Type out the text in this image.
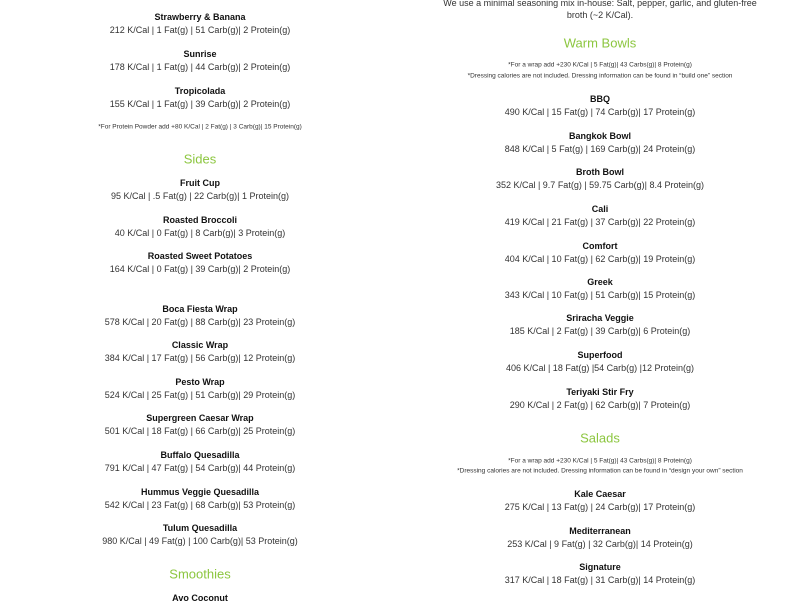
Strawberry & Banana
212 K/Cal | 1 Fat(g) | 51 Carb(g)| 2 Protein(g)
Sunrise
178 K/Cal | 1 Fat(g) | 44 Carb(g)| 2 Protein(g)
Tropicolada
155 K/Cal | 1 Fat(g) | 39 Carb(g)| 2 Protein(g)
*For Protein Powder add +80 K/Cal | 2 Fat(g) | 3 Carb(g)| 15 Protein(g)
Sides
Fruit Cup
95 K/Cal | .5 Fat(g) | 22 Carb(g)| 1 Protein(g)
Roasted Broccoli
40 K/Cal | 0 Fat(g) | 8 Carb(g)| 3 Protein(g)
Roasted Sweet Potatoes
164 K/Cal | 0 Fat(g) | 39 Carb(g)| 2 Protein(g)
Boca Fiesta Wrap
578 K/Cal | 20 Fat(g) | 88 Carb(g)| 23 Protein(g)
Classic Wrap
384 K/Cal | 17 Fat(g) | 56 Carb(g)| 12 Protein(g)
Pesto Wrap
524 K/Cal | 25 Fat(g) | 51 Carb(g)| 29 Protein(g)
Supergreen Caesar Wrap
501 K/Cal | 18 Fat(g) | 66 Carb(g)| 25 Protein(g)
Buffalo Quesadilla
791 K/Cal | 47 Fat(g) | 54 Carb(g)| 44 Protein(g)
Hummus Veggie Quesadilla
542 K/Cal | 23 Fat(g) | 68 Carb(g)| 53 Protein(g)
Tulum Quesadilla
980 K/Cal | 49 Fat(g) | 100 Carb(g)| 53 Protein(g)
Smoothies
Avo Coconut
We use a minimal seasoning mix in-house: Salt, pepper, garlic, and gluten-free
broth (~2 K/Cal).
Warm Bowls
*For a wrap add +230 K/Cal | 5 Fat(g)| 43 Carbs(g)| 8 Protein(g)
*Dressing calories are not included. Dressing information can be found in “build one” section
BBQ
490 K/Cal | 15 Fat(g) | 74 Carb(g)| 17 Protein(g)
Bangkok Bowl
848 K/Cal | 5 Fat(g) | 169 Carb(g)| 24 Protein(g)
Broth Bowl
352 K/Cal | 9.7 Fat(g) | 59.75 Carb(g)| 8.4 Protein(g)
Cali
419 K/Cal | 21 Fat(g) | 37 Carb(g)| 22 Protein(g)
Comfort
404 K/Cal | 10 Fat(g) | 62 Carb(g)| 19 Protein(g)
Greek
343 K/Cal | 10 Fat(g) | 51 Carb(g)| 15 Protein(g)
Sriracha Veggie
185 K/Cal | 2 Fat(g) | 39 Carb(g)| 6 Protein(g)
Superfood
406 K/Cal | 18 Fat(g) |54 Carb(g) |12 Protein(g)
Teriyaki Stir Fry
290 K/Cal | 2 Fat(g) | 62 Carb(g)| 7 Protein(g)
Salads
*For a wrap add +230 K/Cal | 5 Fat(g)| 43 Carbs(g)| 8 Protein(g)
*Dressing calories are not included. Dressing information can be found in “design your own” section
Kale Caesar
275 K/Cal | 13 Fat(g) | 24 Carb(g)| 17 Protein(g)
Mediterranean
253 K/Cal | 9 Fat(g) | 32 Carb(g)| 14 Protein(g)
Signature
317 K/Cal | 18 Fat(g) | 31 Carb(g)| 14 Protein(g)
